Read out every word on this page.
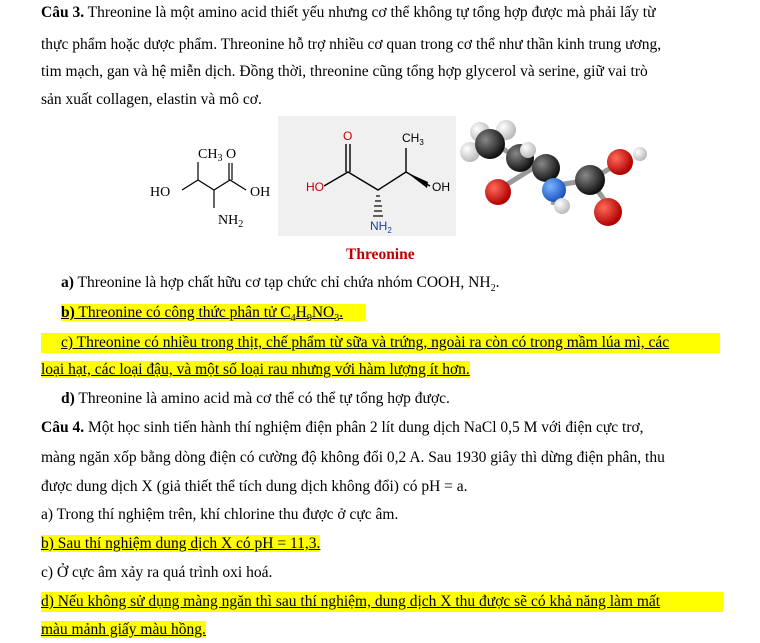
Câu 3. Threonine là một amino acid thiết yếu nhưng cơ thể không tự tổng hợp được mà phải lấy từ
thực phẩm hoặc dược phẩm. Threonine hỗ trợ nhiều cơ quan trong cơ thể như thần kinh trung ương,
tim mạch, gan và hệ miễn dịch. Đồng thời, threonine cũng tổng hợp glycerol và serine, giữ vai trò
sản xuất collagen, elastin và mô cơ.
HO	OH
$CH_3$ O
$NH_2$
HO	OH
O	$CH_3$
$NH_2$
Threonine
a) Threonine là hợp chất hữu cơ tạp chức chỉ chứa nhóm COOH, $NH_2$.
b) Threonine có công thức phân tử $C_4H_9NO_3$.
c) Threonine có nhiều trong thịt, chế phẩm từ sữa và trứng, ngoài ra còn có trong mầm lúa mì, các
loại hạt, các loại đậu, và một số loại rau nhưng với hàm lượng ít hơn.
d) Threonine là amino acid mà cơ thể có thể tự tổng hợp được.
Câu 4. Một học sinh tiến hành thí nghiệm điện phân 2 lít dung dịch NaCl 0,5 M với điện cực trơ,
màng ngăn xốp bằng dòng điện có cường độ không đổi 0,2 A. Sau 1930 giây thì dừng điện phân, thu
được dung dịch X (giả thiết thể tích dung dịch không đổi) có pH = a.
a) Trong thí nghiệm trên, khí chlorine thu được ở cực âm.
b) Sau thí nghiệm dung dịch X có pH = 11,3.
c) Ở cực âm xảy ra quá trình oxi hoá.
d) Nếu không sử dụng màng ngăn thì sau thí nghiệm, dung dịch X thu được sẽ có khả năng làm mất
màu mảnh giấy màu hồng.
